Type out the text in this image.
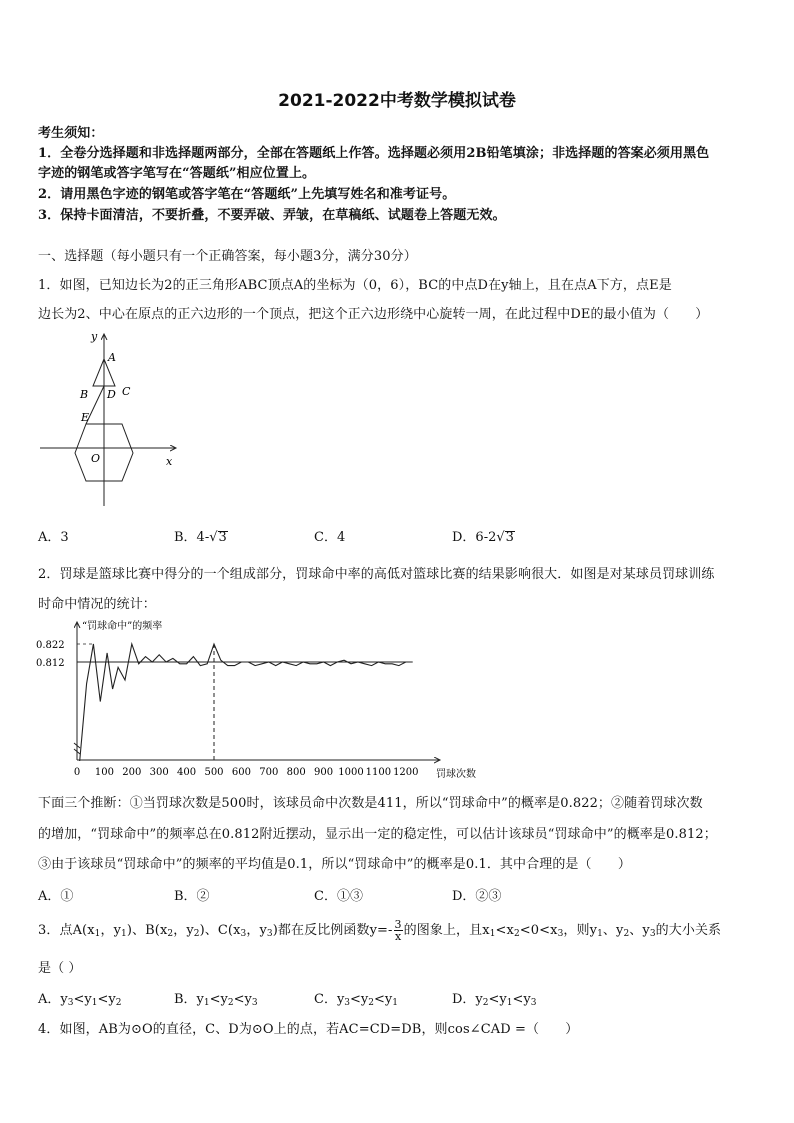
2021-2022中考数学模拟试卷
考生须知：
1．全卷分选择题和非选择题两部分，全部在答题纸上作答。选择题必须用2B铅笔填涂；非选择题的答案必须用黑色
字迹的钢笔或答字笔写在“答题纸”相应位置上。
2．请用黑色字迹的钢笔或答字笔在“答题纸”上先填写姓名和准考证号。
3．保持卡面清洁，不要折叠，不要弄破、弄皱，在草稿纸、试题卷上答题无效。
一、选择题（每小题只有一个正确答案，每小题3分，满分30分）
1．如图，已知边长为2的正三角形ABC顶点A的坐标为（0，6），BC的中点D在y轴上，且在点A下方，点E是
边长为2、中心在原点的正六边形的一个顶点，把这个正六边形绕中心旋转一周，在此过程中DE的最小值为（　　）
y
A
B D C
E
O	x
A．3	B．4-√3	C．4	D．6-2√3
2．罚球是篮球比赛中得分的一个组成部分，罚球命中率的高低对篮球比赛的结果影响很大．如图是对某球员罚球训练
时命中情况的统计：
“罚球命中”的频率
罚球次数
0.822
0.812
0 100 200 300 400 500 600 700 800 900 1000 1100 1200
下面三个推断：①当罚球次数是500时，该球员命中次数是411，所以“罚球命中”的概率是0.822；②随着罚球次数
的增加，“罚球命中”的频率总在0.812附近摆动，显示出一定的稳定性，可以估计该球员“罚球命中”的概率是0.812；
③由于该球员“罚球命中”的频率的平均值是0.1，所以“罚球命中”的概率是0.1．其中合理的是（　　）
A．①	B．②	C．①③	D．②③
3．点$A(x_1$，$y_1$)、$B(x_2$，$y_2$)、$C(x_3$，$y_3$)都在反比例函数$y=- \frac{3}{x}$ 的图象上，且$x_1<x_2<0<x_3$，则$y_1$、$y_2$、$y_3$的大小关系
是（ ）
A．$y_3<y_1<y_2$	B．$y_1<y_2<y_3$	C．$y_3<y_2<y_1$	D．$y_2<y_1<y_3$
4．如图，AB为⊙O的直径，C、D为⊙O上的点，若AC=CD=DB，则cos∠CAD =（　　）
